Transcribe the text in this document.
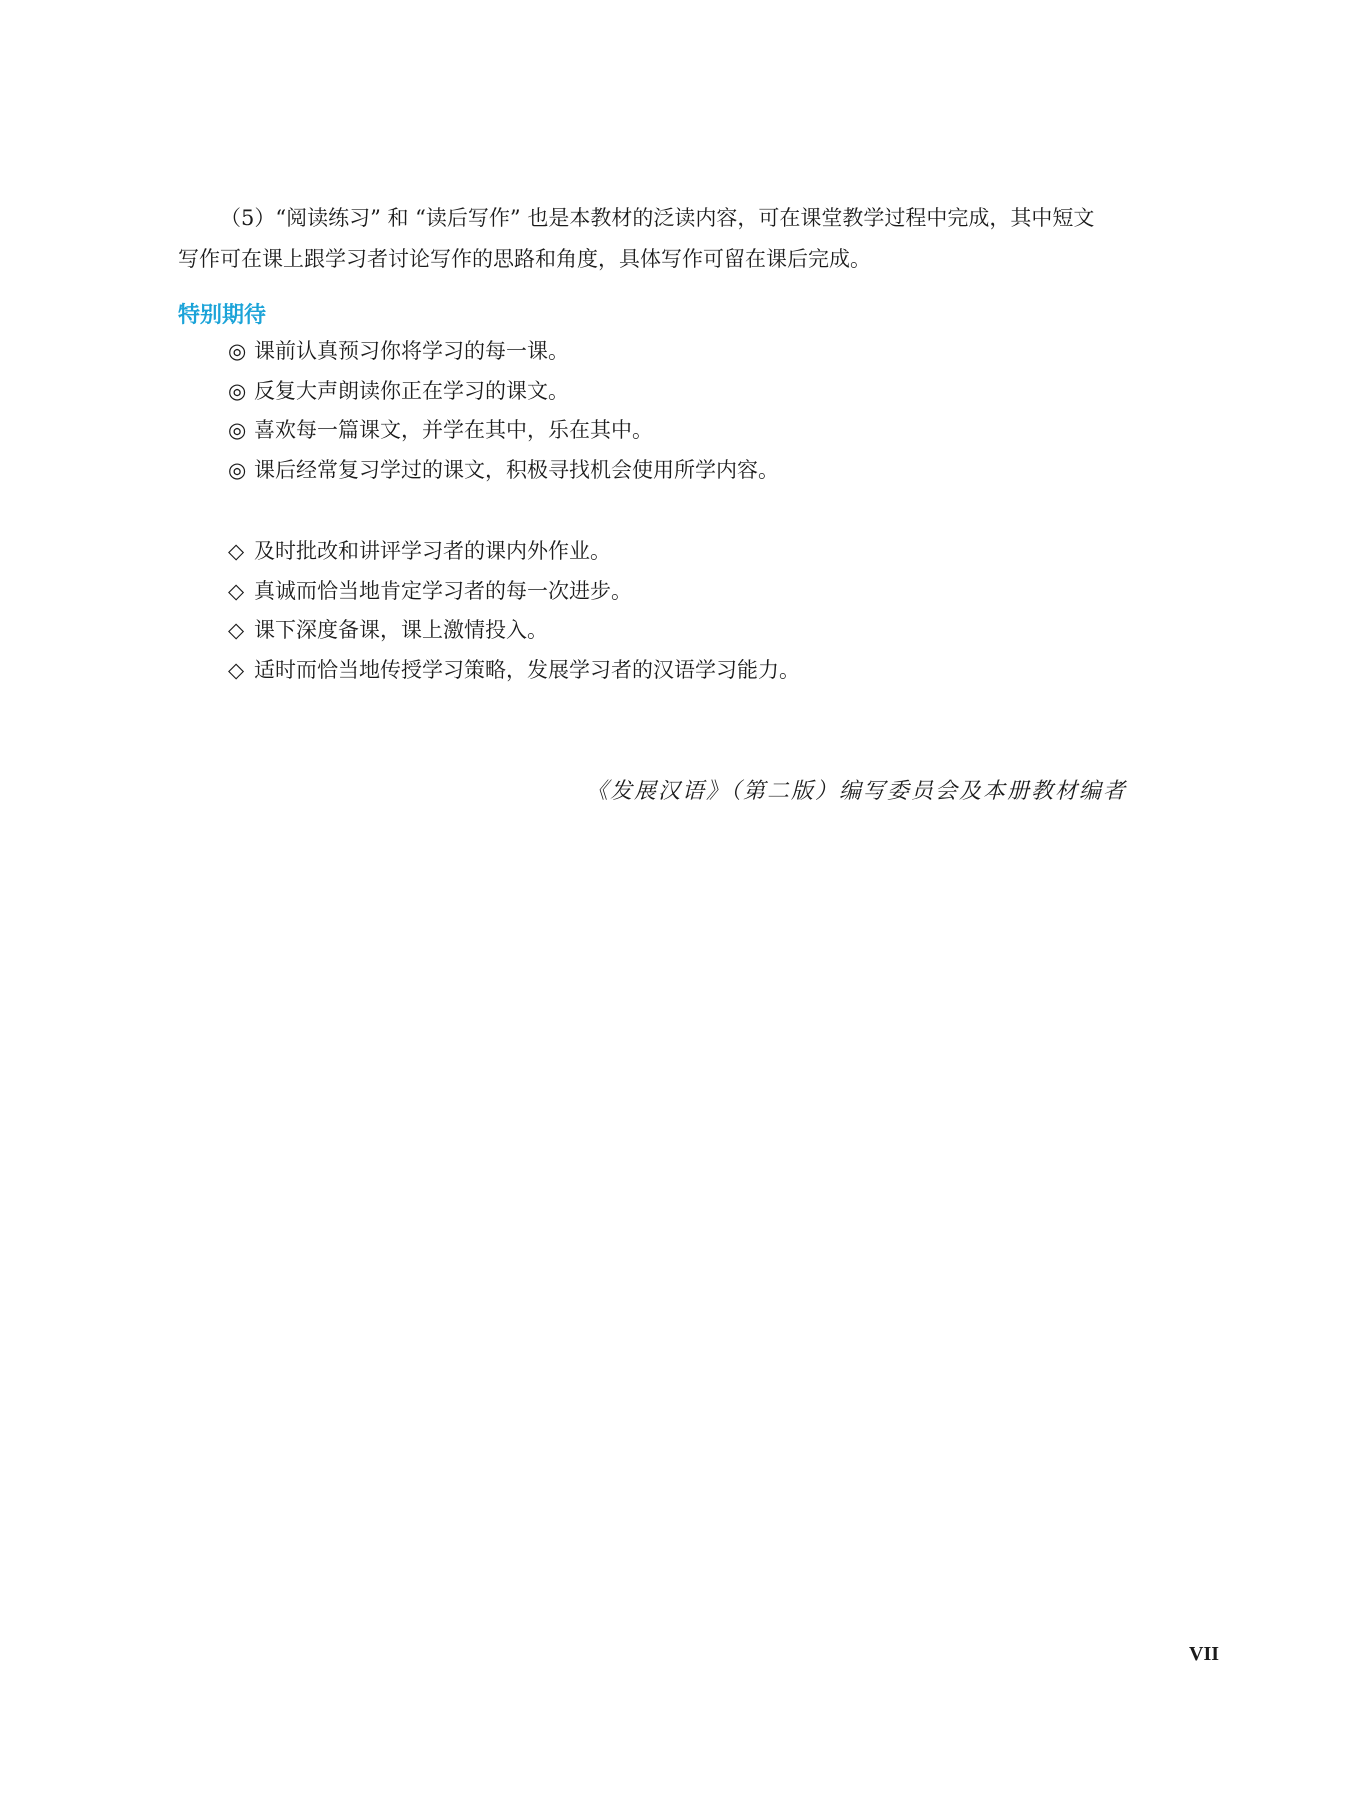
（5）“阅读练习” 和 “读后写作” 也是本教材的泛读内容，可在课堂教学过程中完成，其中短文
写作可在课上跟学习者讨论写作的思路和角度，具体写作可留在课后完成。

特别期待
◎ 课前认真预习你将学习的每一课。
◎ 反复大声朗读你正在学习的课文。
◎ 喜欢每一篇课文，并学在其中，乐在其中。
◎ 课后经常复习学过的课文，积极寻找机会使用所学内容。
◇ 及时批改和讲评学习者的课内外作业。
◇ 真诚而恰当地肯定学习者的每一次进步。
◇ 课下深度备课，课上激情投入。
◇ 适时而恰当地传授学习策略，发展学习者的汉语学习能力。

《发展汉语》（第二版）编写委员会及本册教材编者

VII
